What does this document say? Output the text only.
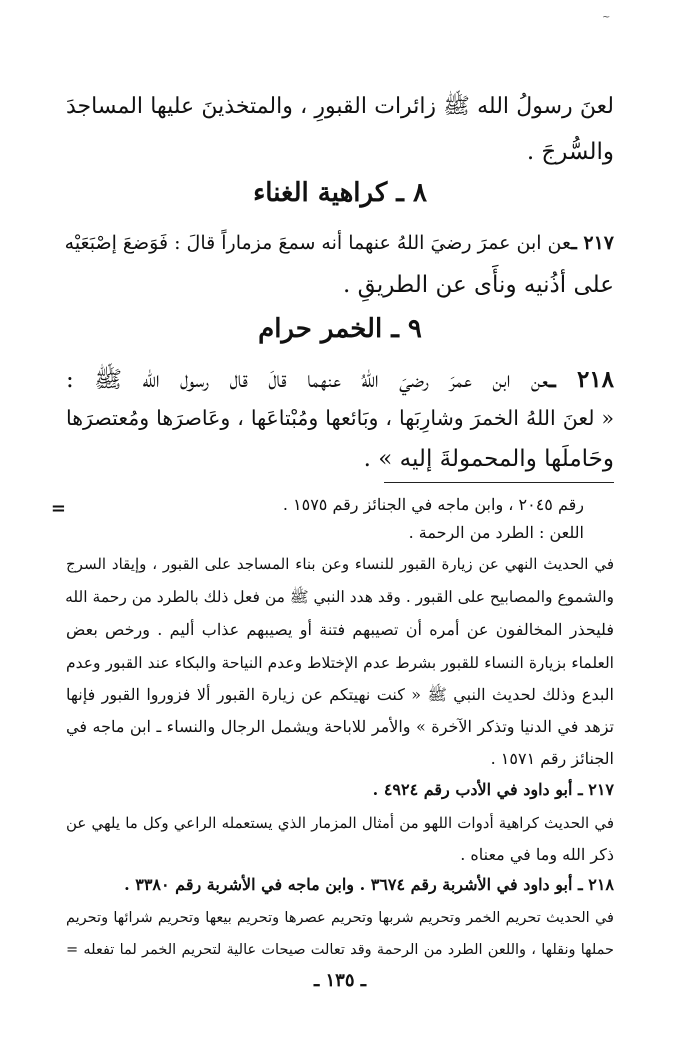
~
لعنَ رسولُ الله ﷺ زائرات القبورِ ، والمتخذينَ عليها المساجدَ
والسُّرجَ .
٨ ـ كراهية الغناء
٢١٧ ـعن ابن عمرَ رضيَ اللهُ عنهما أنه سمعَ مزماراً قالَ : فَوَضعَ إصْبَعَيْه
على أذُنيه ونأَى عن الطريقِ .
٩ ـ الخمر حرام
٢١٨ ـعن ابن عمرَ رضيَ اللهُ عنهما قالَ قال رسول الله ﷺ :
« لعنَ اللهُ الخمرَ وشارِبَها ، وبَائعها ومُبْتاعَها ، وعَاصرَها ومُعتصرَها
وحَاملَها والمحمولةَ إليه » .
=	رقم ٢٠٤٥ ، وابن ماجه في الجنائز رقم ١٥٧٥ .
اللعن : الطرد من الرحمة .
في الحديث النهي عن زيارة القبور للنساء وعن بناء المساجد على القبور ، وإيقاد السرج
والشموع والمصابيح على القبور . وقد هدد النبي ﷺ من فعل ذلك بالطرد من رحمة الله
فليحذر المخالفون عن أمره أن تصيبهم فتنة أو يصيبهم عذاب أليم . ورخص بعض
العلماء بزيارة النساء للقبور بشرط عدم الإختلاط وعدم النياحة والبكاء عند القبور وعدم
البدع وذلك لحديث النبي ﷺ « كنت نهيتكم عن زيارة القبور ألا فزوروا القبور فإنها
تزهد في الدنيا وتذكر الآخرة » والأمر للاباحة ويشمل الرجال والنساء ـ ابن ماجه في
الجنائز رقم ١٥٧١ .
٢١٧ ـ أبو داود في الأدب رقم ٤٩٢٤ .
في الحديث كراهية أدوات اللهو من أمثال المزمار الذي يستعمله الراعي وكل ما يلهي عن
ذكر الله وما في معناه .
٢١٨ ـ أبو داود في الأشربة رقم ٣٦٧٤ . وابن ماجه في الأشربة رقم ٣٣٨٠ .
في الحديث تحريم الخمر وتحريم شربها وتحريم عصرها وتحريم بيعها وتحريم شرائها وتحريم
حملها ونقلها ، واللعن الطرد من الرحمة وقد تعالت صيحات عالية لتحريم الخمر لما تفعله =
ـ ١٣٥ ـ
